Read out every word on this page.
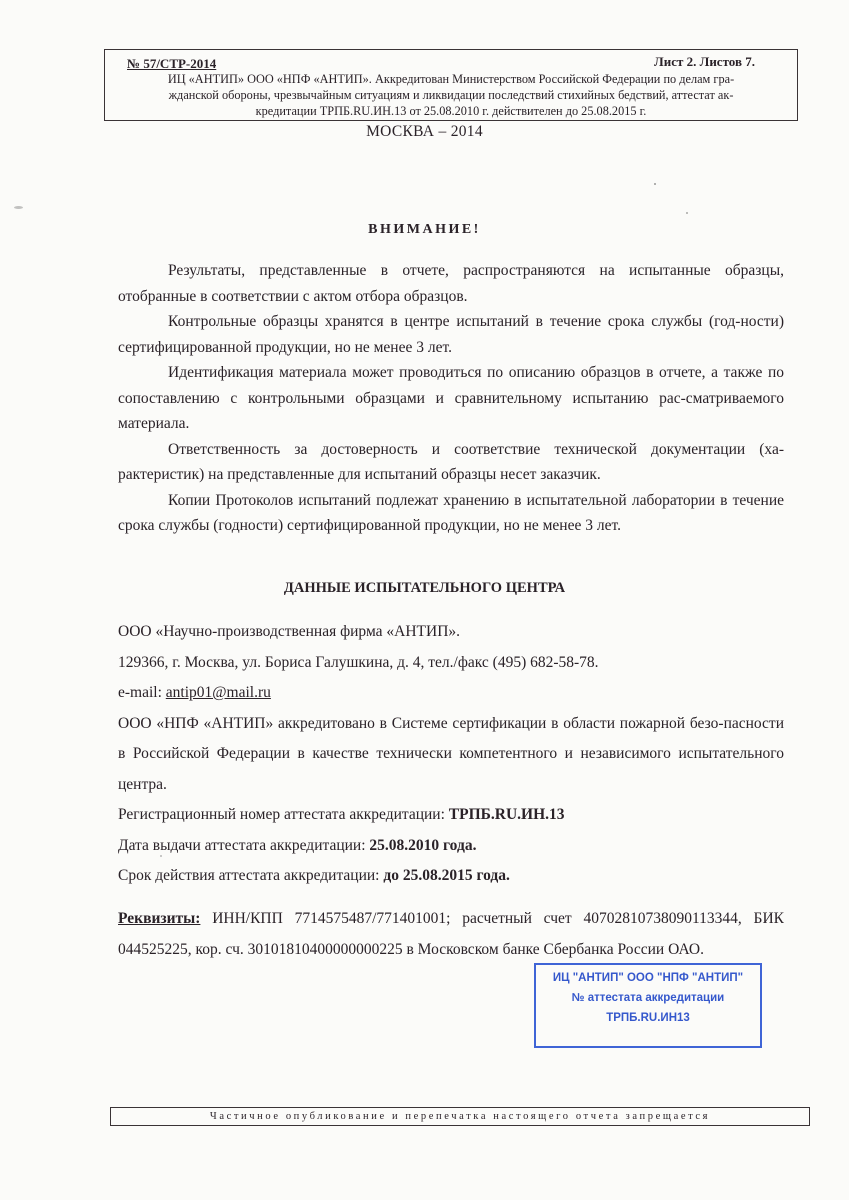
№ 57/СТР-2014	Лист 2. Листов 7.
ИЦ «АНТИП» ООО «НПФ «АНТИП». Аккредитован Министерством Российской Федерации по делам гра-
жданской обороны, чрезвычайным ситуациям и ликвидации последствий стихийных бедствий, аттестат ак-
кредитации ТРПБ.RU.ИН.13 от 25.08.2010 г. действителен до 25.08.2015 г.
МОСКВА – 2014
ВНИМАНИЕ!

Результаты, представленные в отчете, распространяются на испытанные образцы, отобранные в соответствии с актом отбора образцов.

Контрольные образцы хранятся в центре испытаний в течение срока службы (год-ности) сертифицированной продукции, но не менее 3 лет.

Идентификация материала может проводиться по описанию образцов в отчете, а также по сопоставлению с контрольными образцами и сравнительному испытанию рас-сматриваемого материала.

Ответственность за достоверность и соответствие технической документации (ха-рактеристик) на представленные для испытаний образцы несет заказчик.

Копии Протоколов испытаний подлежат хранению в испытательной лаборатории в течение срока службы (годности) сертифицированной продукции, но не менее 3 лет.

ДАННЫЕ ИСПЫТАТЕЛЬНОГО ЦЕНТРА
ООО «Научно-производственная фирма «АНТИП».
129366, г. Москва, ул. Бориса Галушкина, д. 4, тел./факс (495) 682-58-78.
e-mail: antip01@mail.ru
ООО «НПФ «АНТИП» аккредитовано в Системе сертификации в области пожарной безо-пасности в Российской Федерации в качестве технически компетентного и независимого испытательного центра.
Регистрационный номер аттестата аккредитации: ТРПБ.RU.ИН.13
Дата выдачи аттестата аккредитации: 25.08.2010 года.
Срок действия аттестата аккредитации: до 25.08.2015 года.
Реквизиты: ИНН/КПП 7714575487/771401001; расчетный счет 40702810738090113344, БИК 044525225, кор. сч. 30101810400000000225 в Московском банке Сбербанка России ОАО.
ИЦ "АНТИП" ООО "НПФ "АНТИП"
№ аттестата аккредитации
ТРПБ.RU.ИН13
Частичное опубликование и перепечатка настоящего отчета запрещается
